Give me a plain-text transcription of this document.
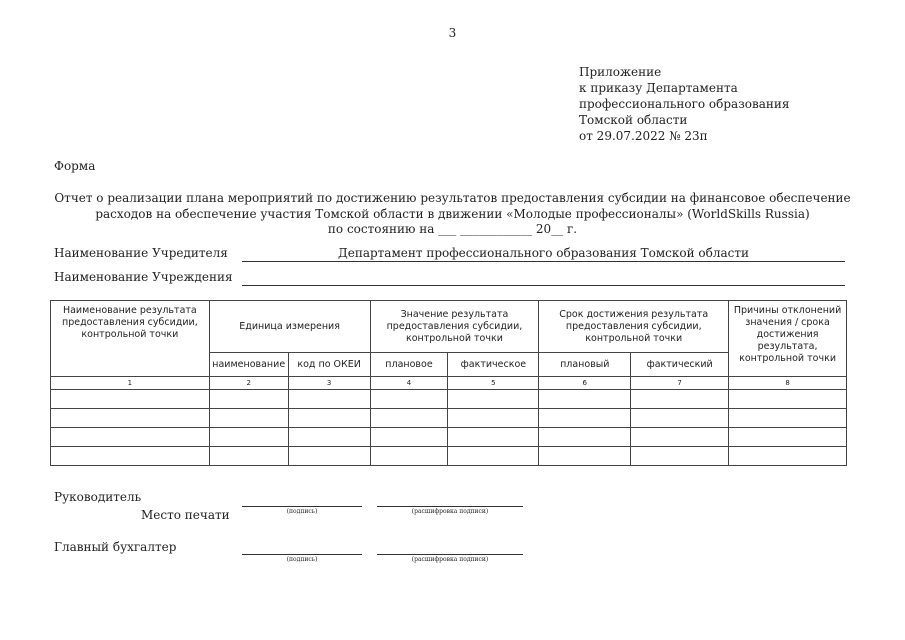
3
Приложение
к приказу Департамента
профессионального образования
Томской области
от 29.07.2022 № 23п
Форма
Отчет о реализации плана мероприятий по достижению результатов предоставления субсидии на финансовое обеспечение
расходов на обеспечение участия Томской области в движении «Молодые профессионалы» (WorldSkills Russia)
по состоянию на ___ ____________ 20__ г.
Наименование Учредителя	Департамент профессионального образования Томской области
Наименование Учреждения
Наименование результата предоставления субсидии, контрольной точки	Единица измерения		Значение результата предоставления субсидии, контрольной точки		Срок достижения результата предоставления субсидии, контрольной точки		Причины отклонений значения / срока достижения результата, контрольной точки
	наименование	код по ОКЕИ	плановое	фактическое	плановый	фактический	
1	2	3	4	5	6	7	8

Руководитель
Место печати	(подпись)	(расшифровка подписи)
Главный бухгалтер
(подпись)	(расшифровка подписи)
